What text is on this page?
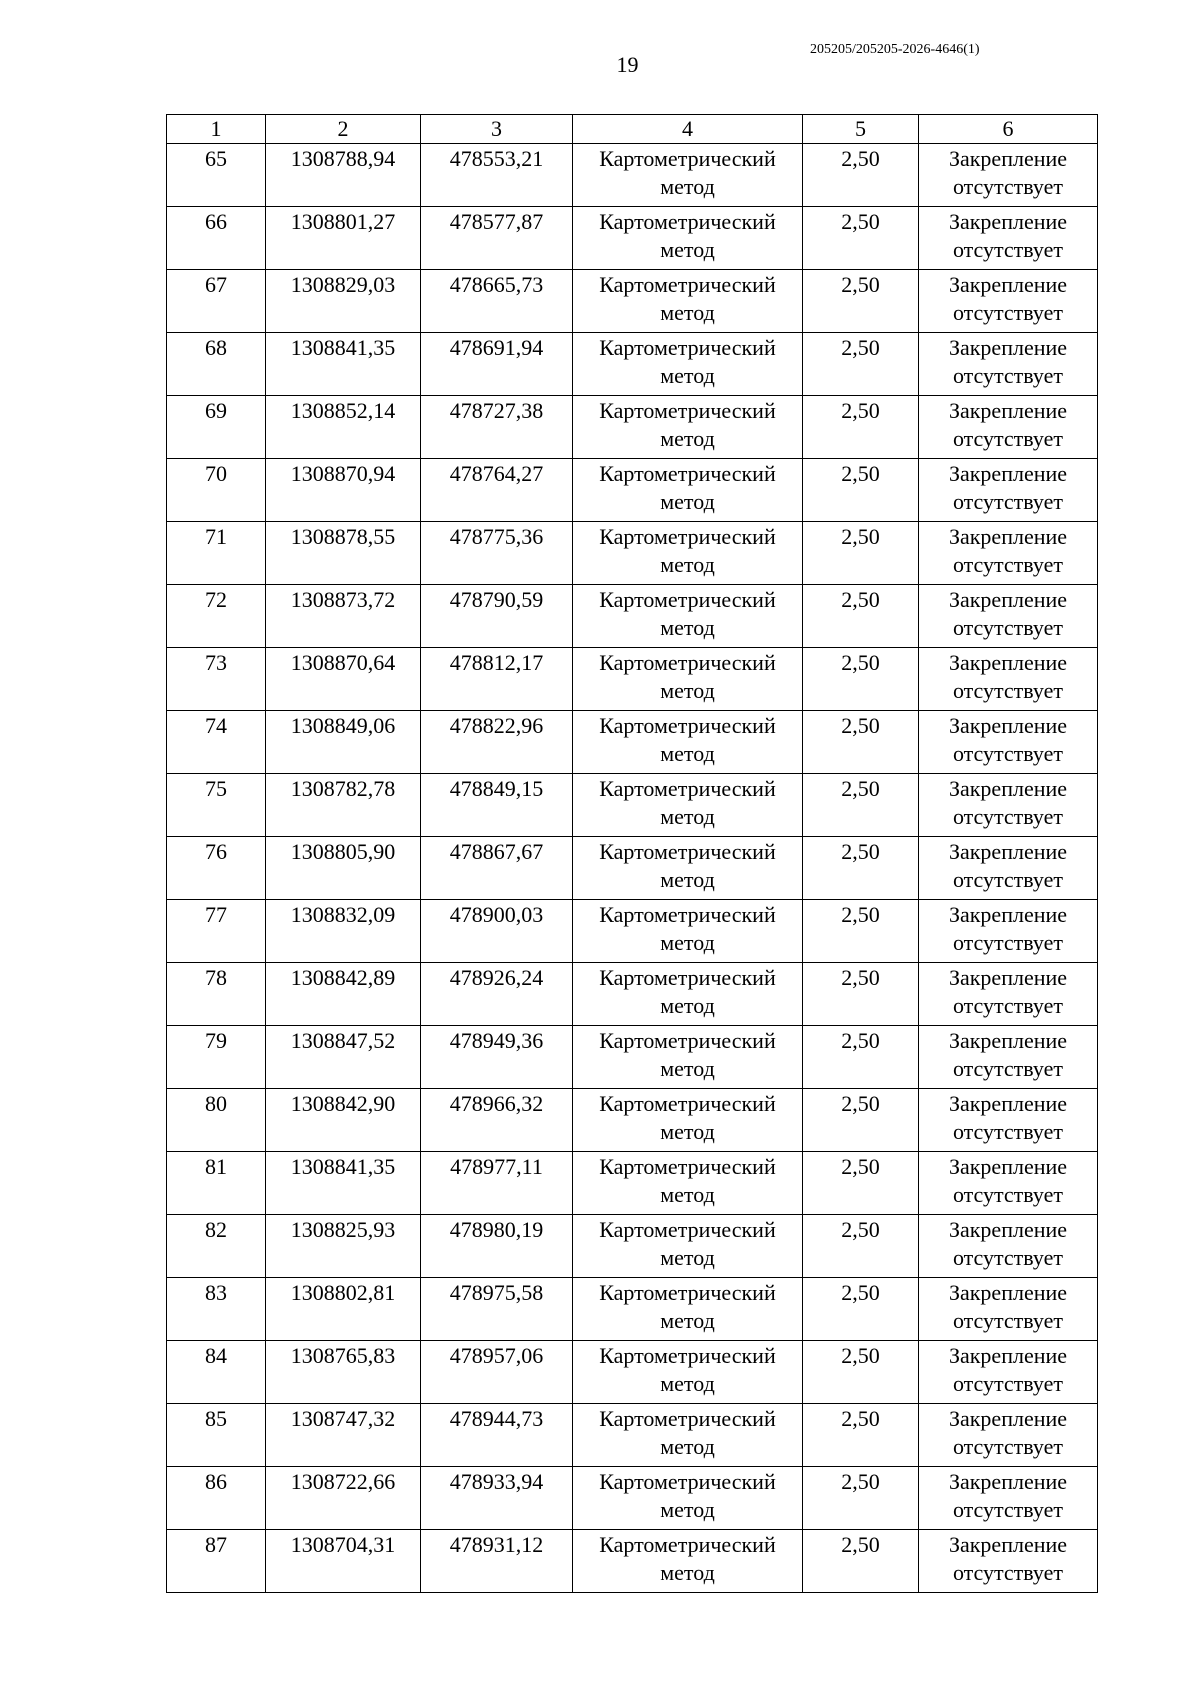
19
205205/205205-2026-4646(1)
1	2	3	4	5	6
65	1308788,94	478553,21	Картометрический метод	2,50	Закрепление отсутствует

66	1308801,27	478577,87	Картометрический метод	2,50	Закрепление отсутствует

67	1308829,03	478665,73	Картометрический метод	2,50	Закрепление отсутствует

68	1308841,35	478691,94	Картометрический метод	2,50	Закрепление отсутствует

69	1308852,14	478727,38	Картометрический метод	2,50	Закрепление отсутствует

70	1308870,94	478764,27	Картометрический метод	2,50	Закрепление отсутствует

71	1308878,55	478775,36	Картометрический метод	2,50	Закрепление отсутствует

72	1308873,72	478790,59	Картометрический метод	2,50	Закрепление отсутствует

73	1308870,64	478812,17	Картометрический метод	2,50	Закрепление отсутствует

74	1308849,06	478822,96	Картометрический метод	2,50	Закрепление отсутствует

75	1308782,78	478849,15	Картометрический метод	2,50	Закрепление отсутствует

76	1308805,90	478867,67	Картометрический метод	2,50	Закрепление отсутствует

77	1308832,09	478900,03	Картометрический метод	2,50	Закрепление отсутствует

78	1308842,89	478926,24	Картометрический метод	2,50	Закрепление отсутствует

79	1308847,52	478949,36	Картометрический метод	2,50	Закрепление отсутствует

80	1308842,90	478966,32	Картометрический метод	2,50	Закрепление отсутствует

81	1308841,35	478977,11	Картометрический метод	2,50	Закрепление отсутствует

82	1308825,93	478980,19	Картометрический метод	2,50	Закрепление отсутствует

83	1308802,81	478975,58	Картометрический метод	2,50	Закрепление отсутствует

84	1308765,83	478957,06	Картометрический метод	2,50	Закрепление отсутствует

85	1308747,32	478944,73	Картометрический метод	2,50	Закрепление отсутствует

86	1308722,66	478933,94	Картометрический метод	2,50	Закрепление отсутствует

87	1308704,31	478931,12	Картометрический метод	2,50	Закрепление отсутствует
